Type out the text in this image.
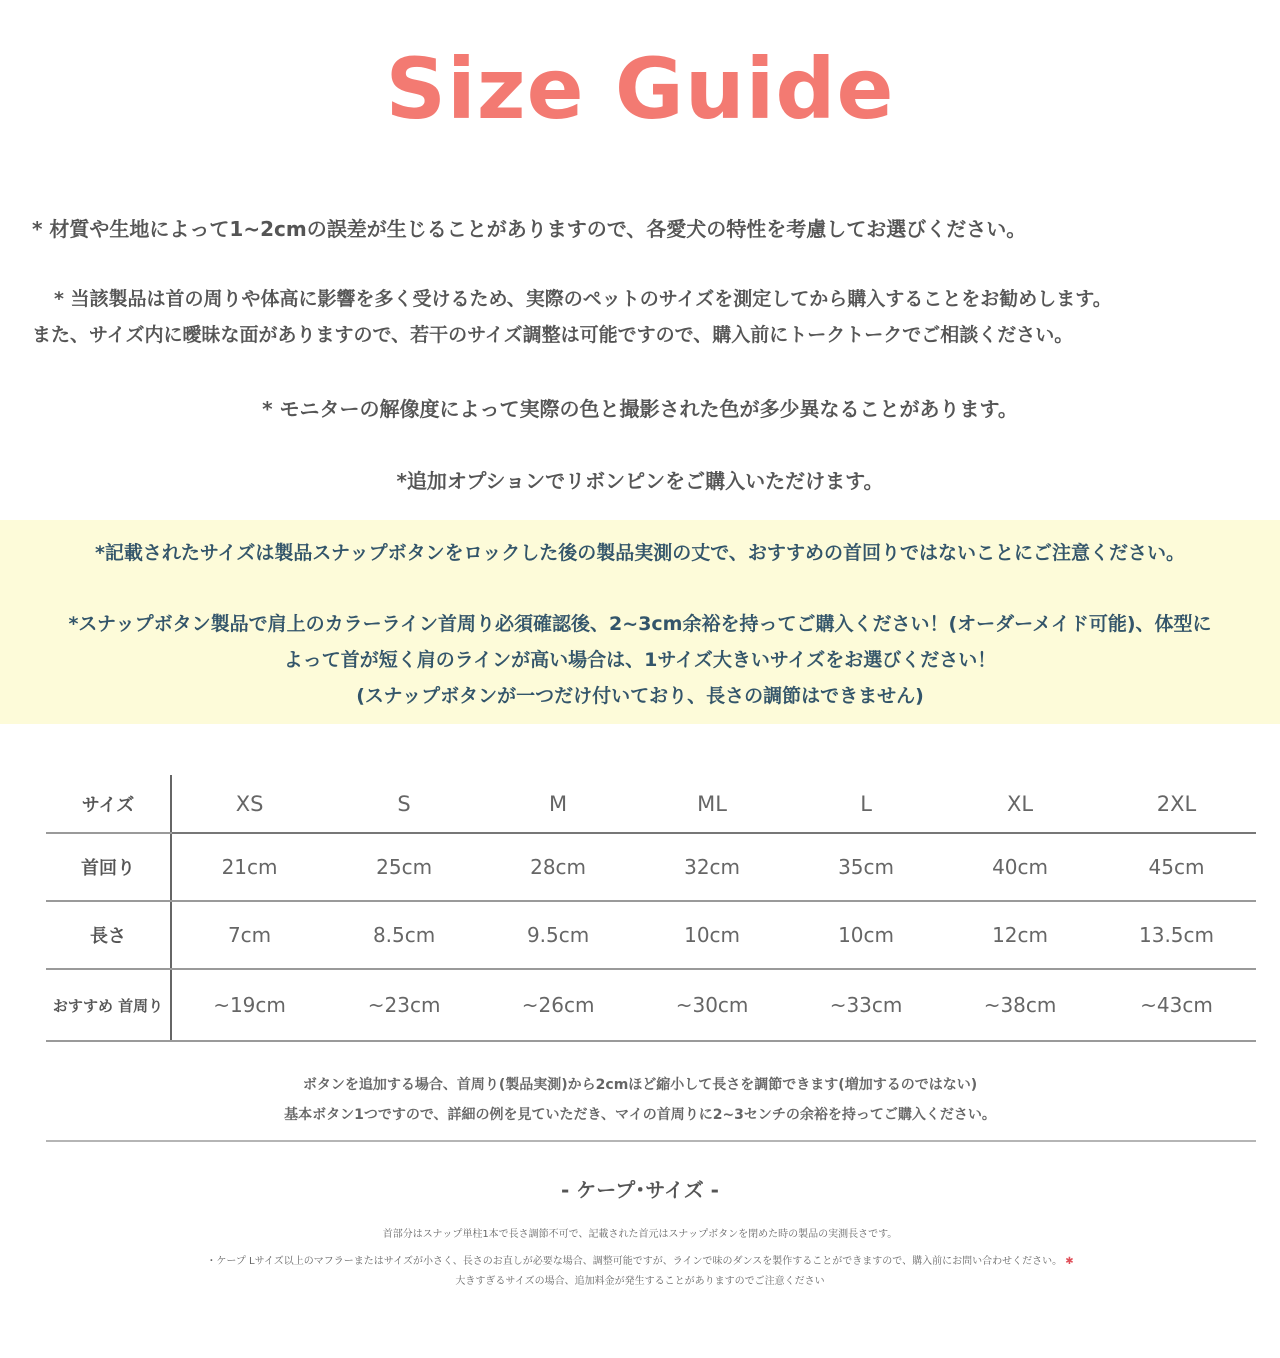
Size Guide
* 材質や生地によって1~2cmの誤差が生じることがありますので、各愛犬の特性を考慮してお選びください。
* 当該製品は首の周りや体高に影響を多く受けるため、実際のペットのサイズを測定してから購入することをお勧めします。
また、サイズ内に曖昧な面がありますので、若干のサイズ調整は可能ですので、購入前にトークトークでご相談ください。
* モニターの解像度によって実際の色と撮影された色が多少異なることがあります。
*追加オプションでリボンピンをご購入いただけます。
*記載されたサイズは製品スナップボタンをロックした後の製品実測の丈で、おすすめの首回りではないことにご注意ください。
*スナップボタン製品で肩上のカラーライン首周り必須確認後、2~3cm余裕を持ってご購入ください！(オーダーメイド可能)、体型に
よって首が短く肩のラインが高い場合は、1サイズ大きいサイズをお選びください！
(スナップボタンが一つだけ付いており、長さの調節はできません)
サイズ	XS	S	M	ML	L	XL	2XL
首回り	21cm	25cm	28cm	32cm	35cm	40cm	45cm
長さ	7cm	8.5cm	9.5cm	10cm	10cm	12cm	13.5cm
おすすめ 首周り	~19cm	~23cm	~26cm	~30cm	~33cm	~38cm	~43cm
ボタンを追加する場合、首周り(製品実測)から2cmほど縮小して長さを調節できます(増加するのではない)
基本ボタン1つですので、詳細の例を見ていただき、マイの首周りに2~3センチの余裕を持ってご購入ください。
- ケープ･サイズ -
首部分はスナップ単柱1本で長さ調節不可で、記載された首元はスナップボタンを閉めた時の製品の実測長さです。
・ケープ Lサイズ以上のマフラーまたはサイズが小さく、長さのお直しが必要な場合、調整可能ですが、ラインで味のダンスを製作することができますので、購入前にお問い合わせください。 ✱
大きすぎるサイズの場合、追加料金が発生することがありますのでご注意ください
